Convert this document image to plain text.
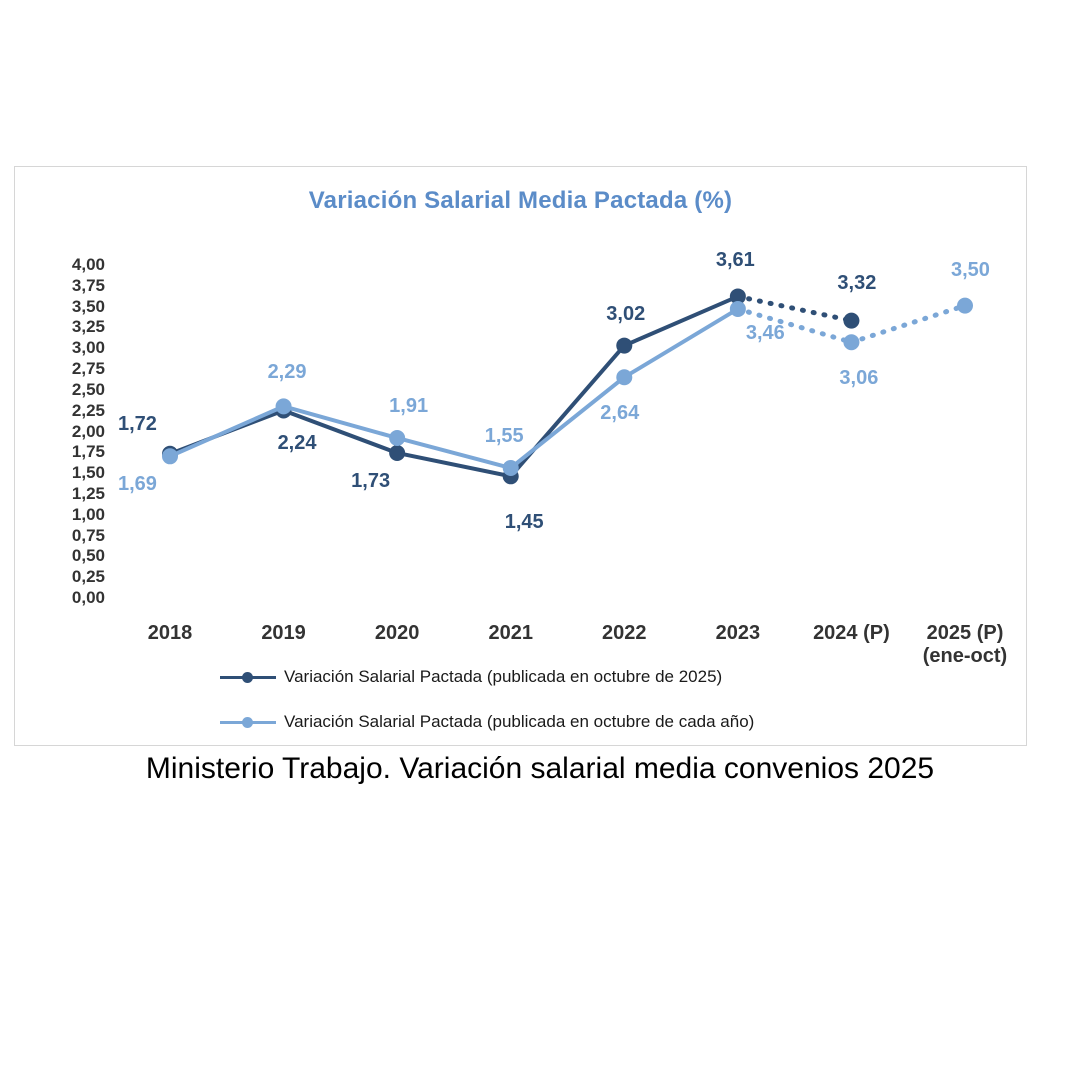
Variación Salarial Media Pactada (%)
0,00
0,25
0,50
0,75
1,00
1,25
1,50
1,75
2,00
2,25
2,50
2,75
3,00
3,25
3,50
3,75
4,00
2018	2019	2020	2021	2022	2023	2024 (P)	2025 (P)
(ene-oct)
1,72
2,24
1,73
1,45
3,02
3,61
3,32
1,69
2,29
1,91
1,55
2,64
3,46
3,06
3,50
Variación Salarial Pactada (publicada en octubre de 2025)
Variación Salarial Pactada (publicada en octubre de cada año)
Ministerio Trabajo. Variación salarial media convenios 2025
